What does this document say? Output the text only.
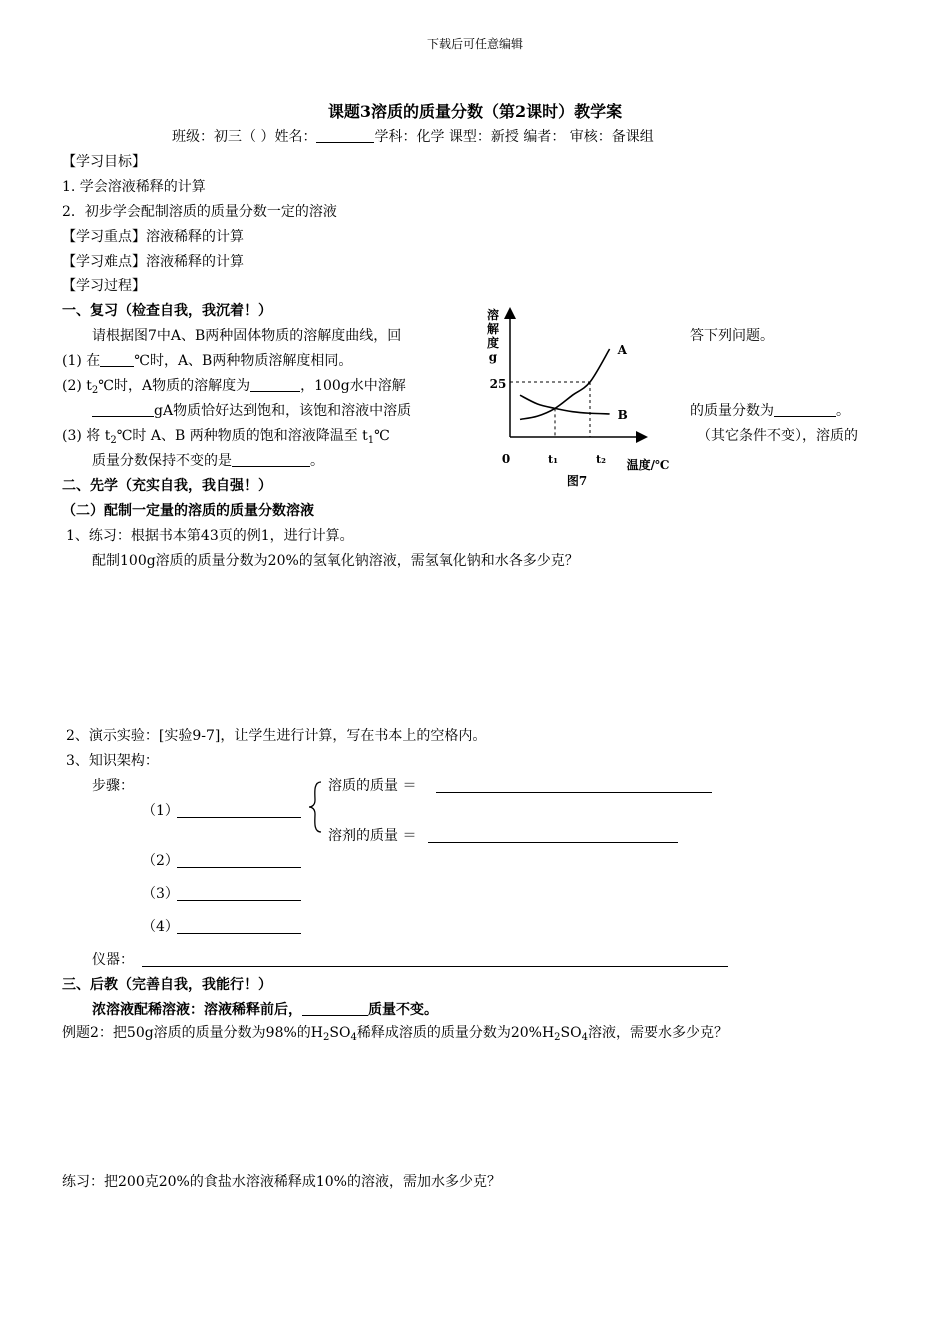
下载后可任意编辑
课题3溶质的质量分数（第2课时）教学案
班级：初三（ ）姓名：	学科：化学 课型：新授 编者： 审核：备课组
【学习目标】
1. 学会溶液稀释的计算
2．初步学会配制溶质的质量分数一定的溶液
【学习重点】溶液稀释的计算
【学习难点】溶液稀释的计算
【学习过程】
一、复习（检查自我，我沉着！）
请根据图7中A、B两种固体物质的溶解度曲线，回	答下列问题。
(1) 在 ℃时，A、B两种物质溶解度相同。
(2) $t_2℃$时，A物质的溶解度为	，100g水中溶解
gA物质恰好达到饱和，该饱和溶液中溶质	的质量分数为	。
(3) 将 $t_2℃$时 A、B 两种物质的饱和溶液降温至 $t_1℃$	（其它条件不变），溶质的
质量分数保持不变的是	。
溶
解
度
g
0
25
t₁	t₂ 温度/℃
图7
A
B
二、先学（充实自我，我自强！）
（二）配制一定量的溶质的质量分数溶液
1、练习：根据书本第43页的例1，进行计算。
配制100g溶质的质量分数为20%的氢氧化钠溶液，需氢氧化钠和水各多少克？
2、演示实验：[实验9-7]，让学生进行计算，写在书本上的空格内。
3、知识架构：
步骤：	溶质的质量 ＝
（1）
溶剂的质量 ＝
（2）
（3）
（4）
仪器：
三、后教（完善自我，我能行！）
浓溶液配稀溶液：溶液稀释前后，	质量不变。
例题2：把50g溶质的质量分数为98%的$H_2SO_4$稀释成溶质的质量分数为$20\%H_2SO_4$溶液，需要水多少克？
练习：把200克20%的食盐水溶液稀释成10%的溶液，需加水多少克？
